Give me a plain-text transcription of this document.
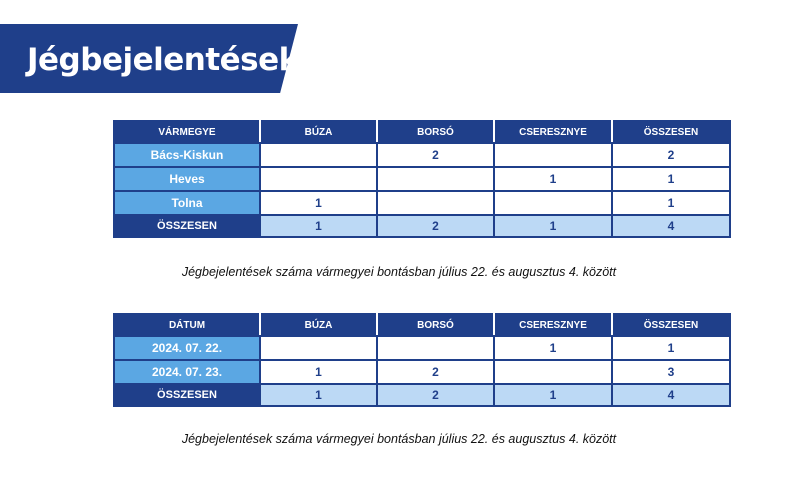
Jégbejelentések
VÁRMEGYE	BÚZA	BORSÓ	CSERESZNYE	ÖSSZESEN
Bács-Kiskun		2		2
Heves			1	1
Tolna	1			1
ÖSSZESEN	1	2	1	4
Jégbejelentések száma vármegyei bontásban július 22. és augusztus 4. között
DÁTUM	BÚZA	BORSÓ	CSERESZNYE	ÖSSZESEN
2024. 07. 22.			1	1
2024. 07. 23.	1	2		3
ÖSSZESEN	1	2	1	4
Jégbejelentések száma vármegyei bontásban július 22. és augusztus 4. között
